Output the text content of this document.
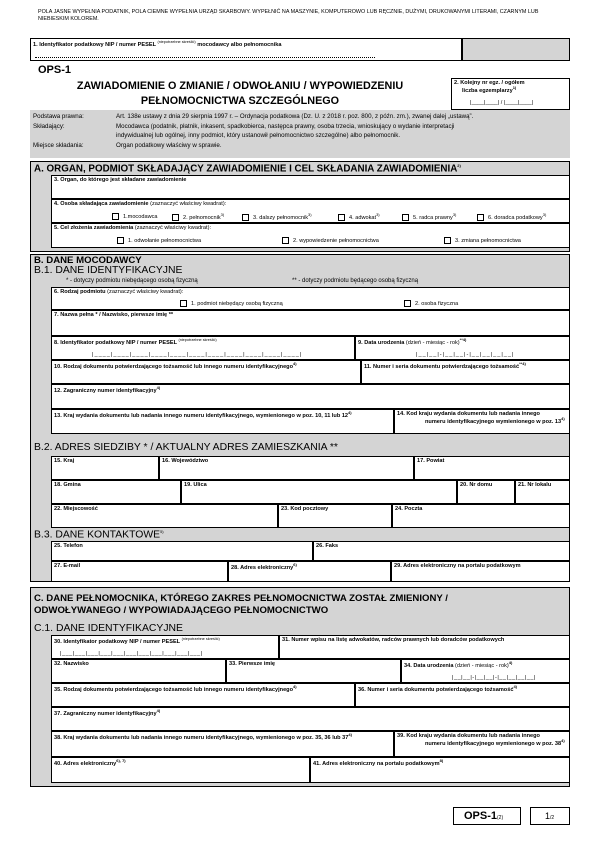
POLA JASNE WYPEŁNIA PODATNIK, POLA CIEMNE WYPEŁNIA URZĄD SKARBOWY. WYPEŁNIĆ NA MASZYNIE, KOMPUTEROWO LUB RĘCZNIE, DUŻYMI, DRUKOWANYMI LITERAMI, CZARNYM LUB NIEBIESKIM KOLOREM.
1. Identyfikator podatkowy NIP / numer PESEL $^{(niepotrzebne skreślić)}$ mocodawcy albo pełnomocnika
OPS-1
ZAWIADOMIENIE O ZMIANIE / ODWOŁANIU / WYPOWIEDZENIU
PEŁNOMOCNICTWA SZCZEGÓLNEGO
2. Kolejny nr egz. / ogółem
liczba egzemplarzy$^{1)}$
|____|____| / |____|____|
Podstawa prawna:	Art. 138e ustawy z dnia 29 sierpnia 1997 r. – Ordynacja podatkowa (Dz. U. z 2018 r. poz. 800, z późn. zm.), zwanej dalej „ustawą”.
Składający:	Mocodawca (podatnik, płatnik, inkasent, spadkobierca, następca prawny, osoba trzecia, wnioskujący o wydanie interpretacji
indywidualnej lub ogólnej, inny podmiot, który ustanowił pełnomocnictwo szczególne) albo pełnomocnik.
Miejsce składania:	Organ podatkowy właściwy w sprawie.
A. ORGAN, PODMIOT SKŁADAJĄCY ZAWIADOMIENIE I CEL SKŁADANIA ZAWIADOMIENIA$^{2)}$
3. Organ, do którego jest składane zawiadomienie
4. Osoba składająca zawiadomienie (zaznaczyć właściwy kwadrat):
1.mocodawca	2. pełnomocnik$^{3)}$
3. dalszy pełnomocnik$^{3)}$
4. adwokat$^{3)}$
5. radca prawny$^{3)}$
6. doradca podatkowy$^{3)}$
5. Cel złożenia zawiadomienia (zaznaczyć właściwy kwadrat):
1. odwołanie pełnomocnictwa	2. wypowiedzenie pełnomocnictwa	3. zmiana pełnomocnictwa
B. DANE MOCODAWCY
B.1. DANE IDENTYFIKACYJNE
* - dotyczy podmiotu niebędącego osobą fizyczną	** - dotyczy podmiotu będącego osobą fizyczną
6. Rodzaj podmiotu (zaznaczyć właściwy kwadrat):
1. podmiot niebędący osobą fizyczną	2. osoba fizyczna
7. Nazwa pełna * / Nazwisko, pierwsze imię **
8. Identyfikator podatkowy NIP / numer PESEL $^{(niepotrzebne skreślić)}$
|____|____|____|____|____|____|____|____|____|____|____|
9. Data urodzenia (dzień - miesiąc - rok)$^{**4)}$
|__|__|-|__|__|-|__|__|__|__|
10. Rodzaj dokumentu potwierdzającego tożsamość lub innego numeru identyfikacyjnego$^{4)}$
11. Numer i seria dokumentu potwierdzającego tożsamość$^{**4)}$
12. Zagraniczny numer identyfikacyjny$^{4)}$
13. Kraj wydania dokumentu lub nadania innego numeru identyfikacyjnego, wymienionego w poz. 10, 11 lub 12$^{4)}$	14. Kod kraju wydania dokumentu lub nadania innego
numeru identyfikacyjnego wymienionego w poz. 13$^{4)}$
B.2. ADRES SIEDZIBY * / AKTUALNY ADRES ZAMIESZKANIA **
15. Kraj	16. Województwo	17. Powiat
18. Gmina	19. Ulica	20. Nr domu	21. Nr lokalu
22. Miejscowość	23. Kod pocztowy	24. Poczta
B.3. DANE KONTAKTOWE$^{5)}$
25. Telefon	26. Faks
27. E-mail	28. Adres elektroniczny$^{6)}$	29. Adres elektroniczny na portalu podatkowym
C. DANE PEŁNOMOCNIKA, KTÓREGO ZAKRES PEŁNOMOCNICTWA ZOSTAŁ ZMIENIONY /
ODWOŁYWANEGO / WYPOWIADAJĄCEGO PEŁNOMOCNICTWO
C.1. DANE IDENTYFIKACYJNE
30. Identyfikator podatkowy NIP / numer PESEL $^{(niepotrzebne skreślić)}$
|___|___|___|___|___|___|___|___|___|___|___|
31. Numer wpisu na listę adwokatów, radców prawnych lub doradców podatkowych
32. Nazwisko	33. Pierwsze imię	34. Data urodzenia (dzień - miesiąc - rok)$^{4)}$
|__|__|-|__|__|-|__|__|__|__|
35. Rodzaj dokumentu potwierdzającego tożsamość lub innego numeru identyfikacyjnego$^{4)}$
36. Numer i seria dokumentu potwierdzającego tożsamość$^{4)}$
37. Zagraniczny numer identyfikacyjny$^{4)}$
38. Kraj wydania dokumentu lub nadania innego numeru identyfikacyjnego, wymienionego w poz. 35, 36 lub 37$^{4)}$	39. Kod kraju wydania dokumentu lub nadania innego
numeru identyfikacyjnego wymienionego w poz. 38$^{4)}$
40. Adres elektroniczny$^{6), 7)}$
41. Adres elektroniczny na portalu podatkowym$^{8)}$
OPS-1(2)	1/2
